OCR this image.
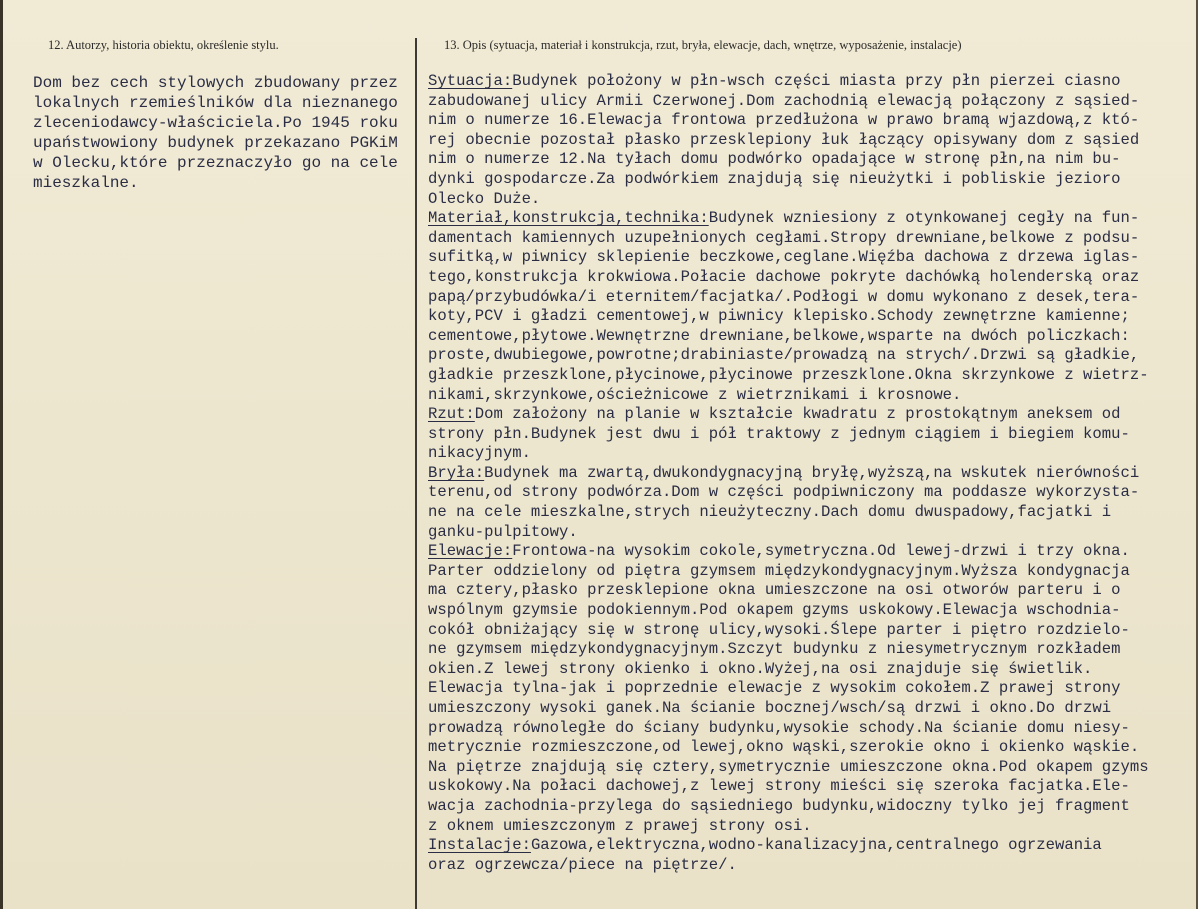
12. Autorzy, historia obiektu, określenie stylu.	13. Opis (sytuacja, materiał i konstrukcja, rzut, bryła, elewacje, dach, wnętrze, wyposażenie, instalacje)
Dom bez cech stylowych zbudowany przez
lokalnych rzemieślników dla nieznanego
zleceniodawcy-właściciela.Po 1945 roku
upaństwowiony budynek przekazano PGKiM
w Olecku,które przeznaczyło go na cele
mieszkalne.
Sytuacja:Budynek położony w płn-wsch części miasta przy płn pierzei ciasno
zabudowanej ulicy Armii Czerwonej.Dom zachodnią elewacją połączony z sąsied-
nim o numerze 16.Elewacja frontowa przedłużona w prawo bramą wjazdową,z któ-
rej obecnie pozostał płasko przesklepiony łuk łączący opisywany dom z sąsied
nim o numerze 12.Na tyłach domu podwórko opadające w stronę płn,na nim bu-
dynki gospodarcze.Za podwórkiem znajdują się nieużytki i pobliskie jezioro
Olecko Duże.
Materiał,konstrukcja,technika:Budynek wzniesiony z otynkowanej cegły na fun-
damentach kamiennych uzupełnionych cegłami.Stropy drewniane,belkowe z podsu-
sufitką,w piwnicy sklepienie beczkowe,ceglane.Więźba dachowa z drzewa iglas-
tego,konstrukcja krokwiowa.Połacie dachowe pokryte dachówką holenderską oraz
papą/przybudówka/i eternitem/facjatka/.Podłogi w domu wykonano z desek,tera-
koty,PCV i gładzi cementowej,w piwnicy klepisko.Schody zewnętrzne kamienne;
cementowe,płytowe.Wewnętrzne drewniane,belkowe,wsparte na dwóch policzkach:
proste,dwubiegowe,powrotne;drabiniaste/prowadzą na strych/.Drzwi są gładkie,
gładkie przeszklone,płycinowe,płycinowe przeszklone.Okna skrzynkowe z wietrz-
nikami,skrzynkowe,ościeżnicowe z wietrznikami i krosnowe.
Rzut:Dom założony na planie w kształcie kwadratu z prostokątnym aneksem od
strony płn.Budynek jest dwu i pół traktowy z jednym ciągiem i biegiem komu-
nikacyjnym.
Bryła:Budynek ma zwartą,dwukondygnacyjną bryłę,wyższą,na wskutek nierówności
terenu,od strony podwórza.Dom w części podpiwniczony ma poddasze wykorzysta-
ne na cele mieszkalne,strych nieużyteczny.Dach domu dwuspadowy,facjatki i
ganku-pulpitowy.
Elewacje:Frontowa-na wysokim cokole,symetryczna.Od lewej-drzwi i trzy okna.
Parter oddzielony od piętra gzymsem międzykondygnacyjnym.Wyższa kondygnacja
ma cztery,płasko przesklepione okna umieszczone na osi otworów parteru i o
wspólnym gzymsie podokiennym.Pod okapem gzyms uskokowy.Elewacja wschodnia-
cokół obniżający się w stronę ulicy,wysoki.Ślepe parter i piętro rozdzielo-
ne gzymsem międzykondygnacyjnym.Szczyt budynku z niesymetrycznym rozkładem
okien.Z lewej strony okienko i okno.Wyżej,na osi znajduje się świetlik.
Elewacja tylna-jak i poprzednie elewacje z wysokim cokołem.Z prawej strony
umieszczony wysoki ganek.Na ścianie bocznej/wsch/są drzwi i okno.Do drzwi
prowadzą równoległe do ściany budynku,wysokie schody.Na ścianie domu niesy-
metrycznie rozmieszczone,od lewej,okno wąski,szerokie okno i okienko wąskie.
Na piętrze znajdują się cztery,symetrycznie umieszczone okna.Pod okapem gzyms
uskokowy.Na połaci dachowej,z lewej strony mieści się szeroka facjatka.Ele-
wacja zachodnia-przylega do sąsiedniego budynku,widoczny tylko jej fragment
z oknem umieszczonym z prawej strony osi.
Instalacje:Gazowa,elektryczna,wodno-kanalizacyjna,centralnego ogrzewania
oraz ogrzewcza/piece na piętrze/.
